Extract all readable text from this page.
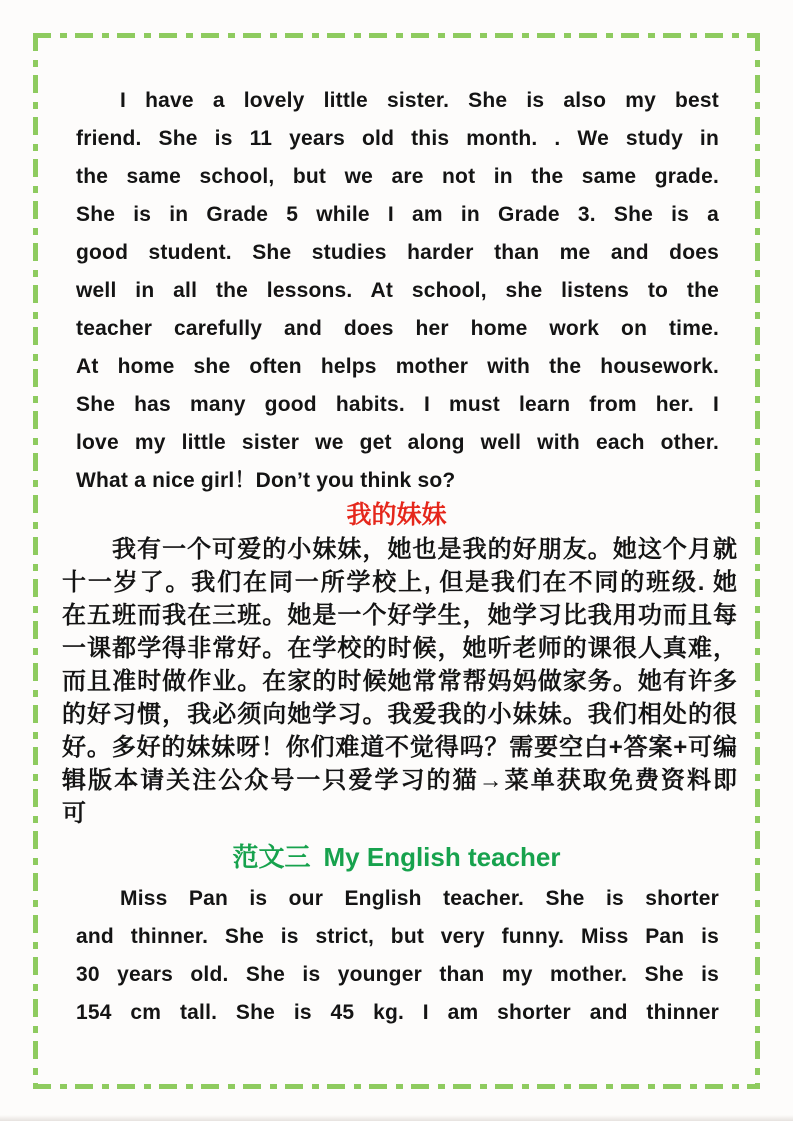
I have a lovely little sister. She is also my best
friend. She is 11 years old this month. . We study in
the same school, but we are not in the same grade.
She is in Grade 5 while I am in Grade 3. She is a
good student. She studies harder than me and does
well in all the lessons. At school, she listens to the
teacher carefully and does her home work on time.
At home she often helps mother with the housework.
She has many good habits. I must learn from her. I
love my little sister we get along well with each other.
What a nice girl！Don’t you think so?
我的妹妹
我有一个可爱的小妹妹，她也是我的好朋友。她这个月就
十一岁了。我们在同一所学校上, 但是我们在不同的班级. 她
在五班而我在三班。她是一个好学生，她学习比我用功而且每
一课都学得非常好。在学校的时候，她听老师的课很人真难，
而且准时做作业。在家的时候她常常帮妈妈做家务。她有许多
的好习惯，我必须向她学习。我爱我的小妹妹。我们相处的很
好。多好的妹妹呀！你们难道不觉得吗？需要空白+答案+可编
辑版本请关注公众号一只爱学习的猫→菜单获取免费资料即
可
范文三 My English teacher
Miss Pan is our English teacher. She is shorter
and thinner. She is strict, but very funny. Miss Pan is
30 years old. She is younger than my mother. She is
154 cm tall. She is 45 kg. I am shorter and thinner
